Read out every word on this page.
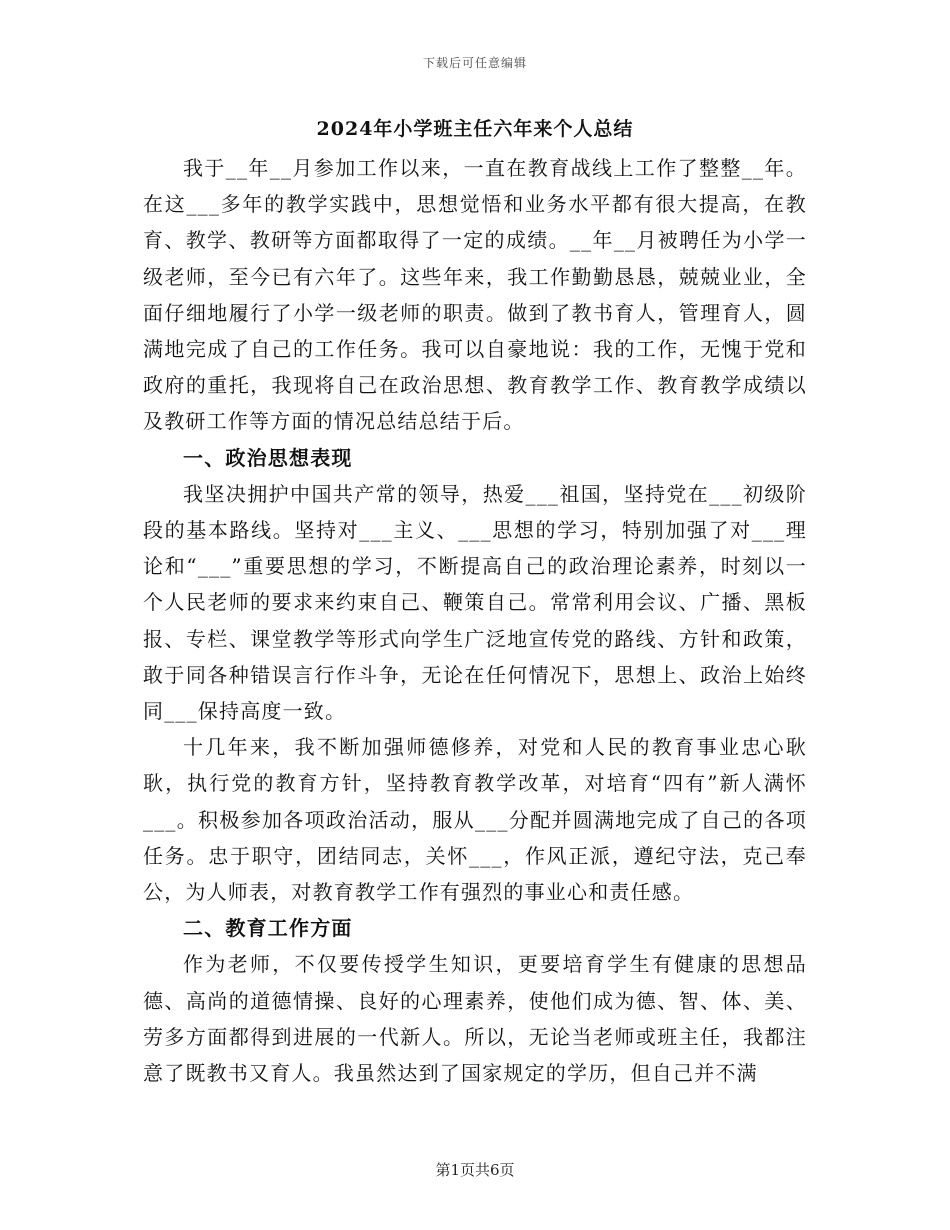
下载后可任意编辑
2024年小学班主任六年来个人总结

我于__年__月参加工作以来，一直在教育战线上工作了整整__年。在这___多年的教学实践中，思想觉悟和业务水平都有很大提高，在教育、教学、教研等方面都取得了一定的成绩。__年__月被聘任为小学一级老师，至今已有六年了。这些年来，我工作勤勤恳恳，兢兢业业，全面仔细地履行了小学一级老师的职责。做到了教书育人，管理育人，圆满地完成了自己的工作任务。我可以自豪地说：我的工作，无愧于党和政府的重托，我现将自己在政治思想、教育教学工作、教育教学成绩以及教研工作等方面的情况总结总结于后。

一、政治思想表现

我坚决拥护中国共产常的领导，热爱___祖国，坚持党在___初级阶段的基本路线。坚持对___主义、___思想的学习，特别加强了对___理论和“___”重要思想的学习，不断提高自己的政治理论素养，时刻以一个人民老师的要求来约束自己、鞭策自己。常常利用会议、广播、黑板报、专栏、课堂教学等形式向学生广泛地宣传党的路线、方针和政策，敢于同各种错误言行作斗争，无论在任何情况下，思想上、政治上始终同___保持高度一致。

十几年来，我不断加强师德修养，对党和人民的教育事业忠心耿耿，执行党的教育方针，坚持教育教学改革，对培育“四有”新人满怀___。积极参加各项政治活动，服从___分配并圆满地完成了自己的各项任务。忠于职守，团结同志，关怀___，作风正派，遵纪守法，克己奉公，为人师表，对教育教学工作有强烈的事业心和责任感。

二、教育工作方面

作为老师，不仅要传授学生知识，更要培育学生有健康的思想品德、高尚的道德情操、良好的心理素养，使他们成为德、智、体、美、劳多方面都得到进展的一代新人。所以，无论当老师或班主任，我都注意了既教书又育人。我虽然达到了国家规定的学历，但自己并不满

第1页共6页
